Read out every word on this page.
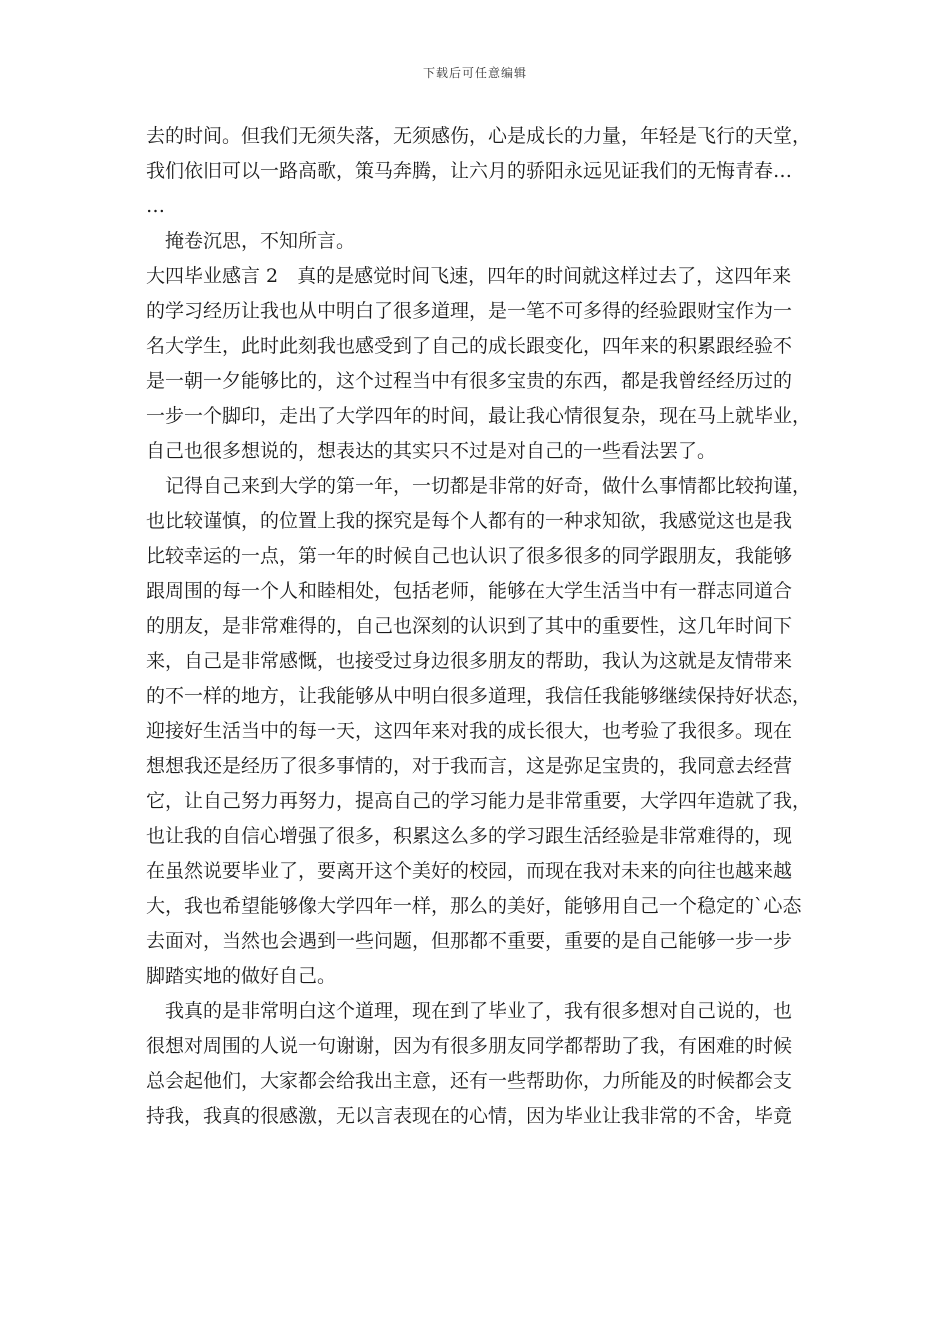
下载后可任意编辑
去的时间。但我们无须失落，无须感伤，心是成长的力量，年轻是飞行的天堂，
我们依旧可以一路高歌，策马奔腾，让六月的骄阳永远见证我们的无悔青春…
…
　掩卷沉思，不知所言。
大四毕业感言 2　真的是感觉时间飞速，四年的时间就这样过去了，这四年来
的学习经历让我也从中明白了很多道理，是一笔不可多得的经验跟财宝作为一
名大学生，此时此刻我也感受到了自己的成长跟变化，四年来的积累跟经验不
是一朝一夕能够比的，这个过程当中有很多宝贵的东西，都是我曾经经历过的
一步一个脚印，走出了大学四年的时间，最让我心情很复杂，现在马上就毕业，
自己也很多想说的，想表达的其实只不过是对自己的一些看法罢了。
　记得自己来到大学的第一年，一切都是非常的好奇，做什么事情都比较拘谨，
也比较谨慎，的位置上我的探究是每个人都有的一种求知欲，我感觉这也是我
比较幸运的一点，第一年的时候自己也认识了很多很多的同学跟朋友，我能够
跟周围的每一个人和睦相处，包括老师，能够在大学生活当中有一群志同道合
的朋友，是非常难得的，自己也深刻的认识到了其中的重要性，这几年时间下
来，自己是非常感慨，也接受过身边很多朋友的帮助，我认为这就是友情带来
的不一样的地方，让我能够从中明白很多道理，我信任我能够继续保持好状态，
迎接好生活当中的每一天，这四年来对我的成长很大，也考验了我很多。现在
想想我还是经历了很多事情的，对于我而言，这是弥足宝贵的，我同意去经营
它，让自己努力再努力，提高自己的学习能力是非常重要，大学四年造就了我，
也让我的自信心增强了很多，积累这么多的学习跟生活经验是非常难得的，现
在虽然说要毕业了，要离开这个美好的校园，而现在我对未来的向往也越来越
大，我也希望能够像大学四年一样，那么的美好，能够用自己一个稳定的`心态
去面对，当然也会遇到一些问题，但那都不重要，重要的是自己能够一步一步
脚踏实地的做好自己。
　我真的是非常明白这个道理，现在到了毕业了，我有很多想对自己说的，也
很想对周围的人说一句谢谢，因为有很多朋友同学都帮助了我，有困难的时候
总会起他们，大家都会给我出主意，还有一些帮助你，力所能及的时候都会支
持我，我真的很感激，无以言表现在的心情，因为毕业让我非常的不舍，毕竟
